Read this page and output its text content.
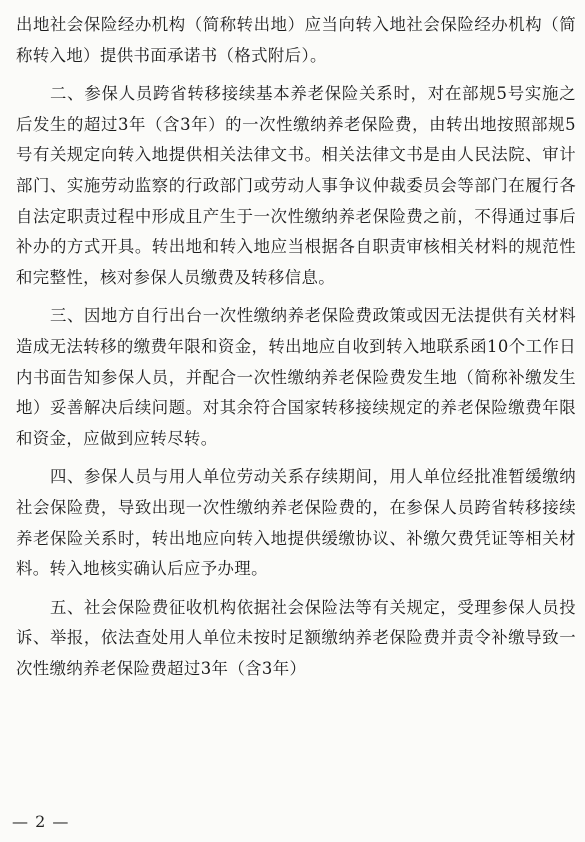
出地社会保险经办机构（简称转出地）应当向转入地社会保险经办机构（简称转入地）提供书面承诺书（格式附后）。

二、参保人员跨省转移接续基本养老保险关系时，对在部规5号实施之后发生的超过3年（含3年）的一次性缴纳养老保险费，由转出地按照部规5号有关规定向转入地提供相关法律文书。相关法律文书是由人民法院、审计部门、实施劳动监察的行政部门或劳动人事争议仲裁委员会等部门在履行各自法定职责过程中形成且产生于一次性缴纳养老保险费之前，不得通过事后补办的方式开具。转出地和转入地应当根据各自职责审核相关材料的规范性和完整性，核对参保人员缴费及转移信息。

三、因地方自行出台一次性缴纳养老保险费政策或因无法提供有关材料造成无法转移的缴费年限和资金，转出地应自收到转入地联系函10个工作日内书面告知参保人员，并配合一次性缴纳养老保险费发生地（简称补缴发生地）妥善解决后续问题。对其余符合国家转移接续规定的养老保险缴费年限和资金，应做到应转尽转。

四、参保人员与用人单位劳动关系存续期间，用人单位经批准暂缓缴纳社会保险费，导致出现一次性缴纳养老保险费的，在参保人员跨省转移接续养老保险关系时，转出地应向转入地提供缓缴协议、补缴欠费凭证等相关材料。转入地核实确认后应予办理。

五、社会保险费征收机构依据社会保险法等有关规定，受理参保人员投诉、举报，依法查处用人单位未按时足额缴纳养老保险费并责令补缴导致一次性缴纳养老保险费超过3年（含3年）

— 2 —
